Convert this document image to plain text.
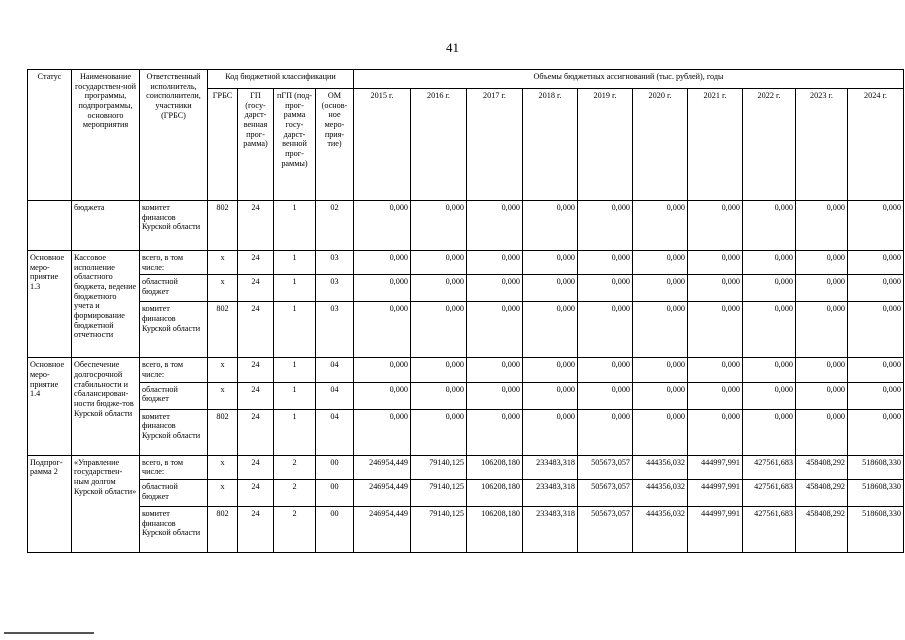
41
Статус	Наименование государствен-ной программы, подпрограммы, основного мероприятия	Ответственный исполнитель, соисполнители, участники (ГРБС)	Код бюджетной классификации				Объемы бюджетных ассигнований (тыс. рублей), годы									
			ГРБС	ГП (госу-дарст-венная прог-рамма)	пГП (под-прог-рамма госу-дарст-венной прог-раммы)	ОМ (основ-ное меро-прия-тие)	2015 г.	2016 г.	2017 г.	2018 г.	2019 г.	2020 г.	2021 г.	2022 г.	2023 г.	2024 г.
	бюджета	комитет финансов Курской области	802	24	1	02	0,000	0,000	0,000	0,000	0,000	0,000	0,000	0,000	0,000	0,000
Основное меро-приятие 1.3	Кассовое исполнение областного бюджета, ведение бюджетного учета и формирование бюджетной отчетности	всего, в том числе:	х	24	1	03	0,000	0,000	0,000	0,000	0,000	0,000	0,000	0,000	0,000	0,000
		областной бюджет	х	24	1	03	0,000	0,000	0,000	0,000	0,000	0,000	0,000	0,000	0,000	0,000
		комитет финансов Курской области	802	24	1	03	0,000	0,000	0,000	0,000	0,000	0,000	0,000	0,000	0,000	0,000
Основное меро-приятие 1.4	Обеспечение долгосрочной стабильности и сбалансирован-ности бюдже-тов Курской области	всего, в том числе:	х	24	1	04	0,000	0,000	0,000	0,000	0,000	0,000	0,000	0,000	0,000	0,000
		областной бюджет	х	24	1	04	0,000	0,000	0,000	0,000	0,000	0,000	0,000	0,000	0,000	0,000
		комитет финансов Курской области	802	24	1	04	0,000	0,000	0,000	0,000	0,000	0,000	0,000	0,000	0,000	0,000
Подпрог-рамма 2	«Управление государствен-ным долгом Курской области»	всего, в том числе:	х	24	2	00	246954,449	79140,125	106208,180	233483,318	505673,057	444356,032	444997,991	427561,683	458408,292	518608,330
		областной бюджет	х	24	2	00	246954,449	79140,125	106208,180	233483,318	505673,057	444356,032	444997,991	427561,683	458408,292	518608,330
		комитет финансов Курской области	802	24	2	00	246954,449	79140,125	106208,180	233483,318	505673,057	444356,032	444997,991	427561,683	458408,292	518608,330
